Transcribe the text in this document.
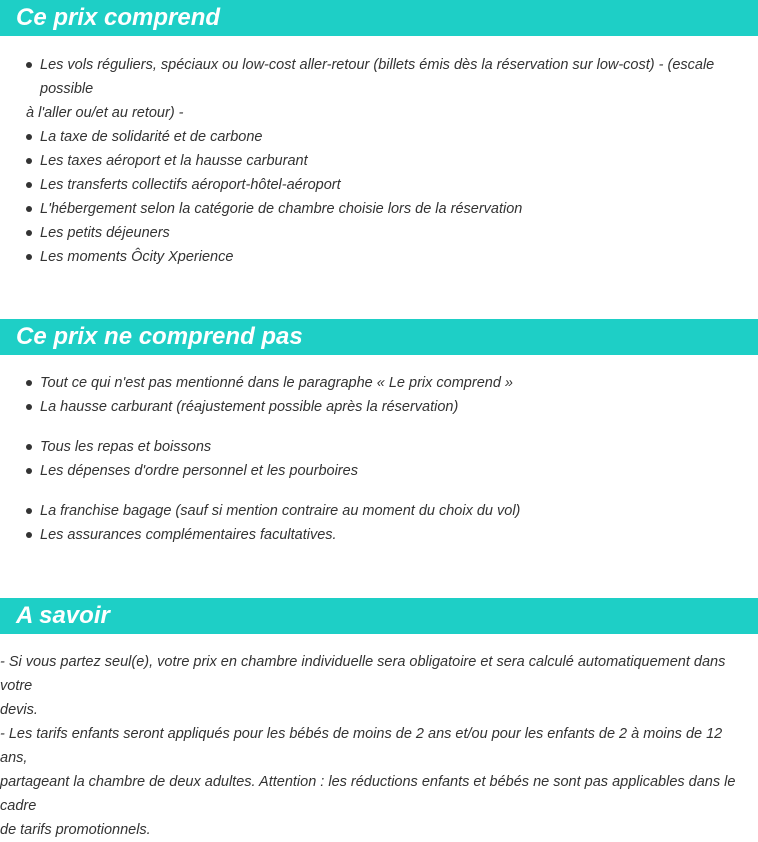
Ce prix comprend
Les vols réguliers, spéciaux ou low-cost aller-retour (billets émis dès la réservation sur low-cost) - (escale possible
à l'aller ou/et au retour) -
La taxe de solidarité et de carbone
Les taxes aéroport et la hausse carburant
Les transferts collectifs aéroport-hôtel-aéroport
L'hébergement selon la catégorie de chambre choisie lors de la réservation
Les petits déjeuners
Les moments Ôcity Xperience
Ce prix ne comprend pas
Tout ce qui n'est pas mentionné dans le paragraphe « Le prix comprend »
La hausse carburant (réajustement possible après la réservation)
Tous les repas et boissons
Les dépenses d'ordre personnel et les pourboires
La franchise bagage (sauf si mention contraire au moment du choix du vol)
Les assurances complémentaires facultatives.
A savoir
- Si vous partez seul(e), votre prix en chambre individuelle sera obligatoire et sera calculé automatiquement dans votre
devis.
- Les tarifs enfants seront appliqués pour les bébés de moins de 2 ans et/ou pour les enfants de 2 à moins de 12 ans,
partageant la chambre de deux adultes. Attention : les réductions enfants et bébés ne sont pas applicables dans le cadre
de tarifs promotionnels.
